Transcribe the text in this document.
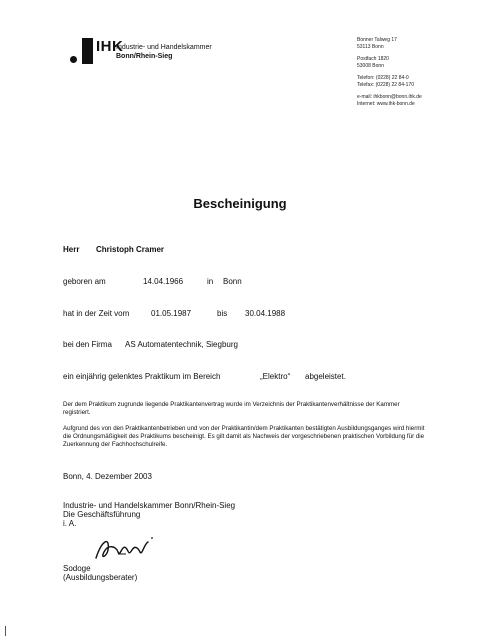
IHK
Industrie- und Handelskammer
Bonn/Rhein-Sieg
Bonner Talweg 17
53113 Bonn
Postfach 1820
53008 Bonn
Telefon: (0228) 22 84-0
Telefax: (0228) 22 84-170
e-mail: ihkbonn@bonn.ihk.de
Internet: www.ihk-bonn.de
Bescheinigung
Herr Christoph Cramer
geboren am	14.04.1966	in Bonn
hat in der Zeit vom	01.05.1987	bis 30.04.1988
bei den Firma AS Automatentechnik, Siegburg
ein einjährig gelenktes Praktikum im Bereich	„Elektro“ abgeleistet.
Der dem Praktikum zugrunde liegende Praktikantenvertrag wurde im Verzeichnis der Praktikantenverhältnisse der Kammer registriert.
Aufgrund des von den Praktikantenbetrieben und von der Praktikantin/dem Praktikanten bestätigten Ausbildungsganges wird hiermit die Ordnungsmäßigkeit des Praktikums bescheinigt. Es gilt damit als Nachweis der vorgeschriebenen praktischen Vorbildung für die Zuerkennung der Fachhochschulreife.
Bonn, 4. Dezember 2003
Industrie- und Handelskammer Bonn/Rhein-Sieg
Die Geschäftsführung
i. A.
Sodoge
(Ausbildungsberater)
